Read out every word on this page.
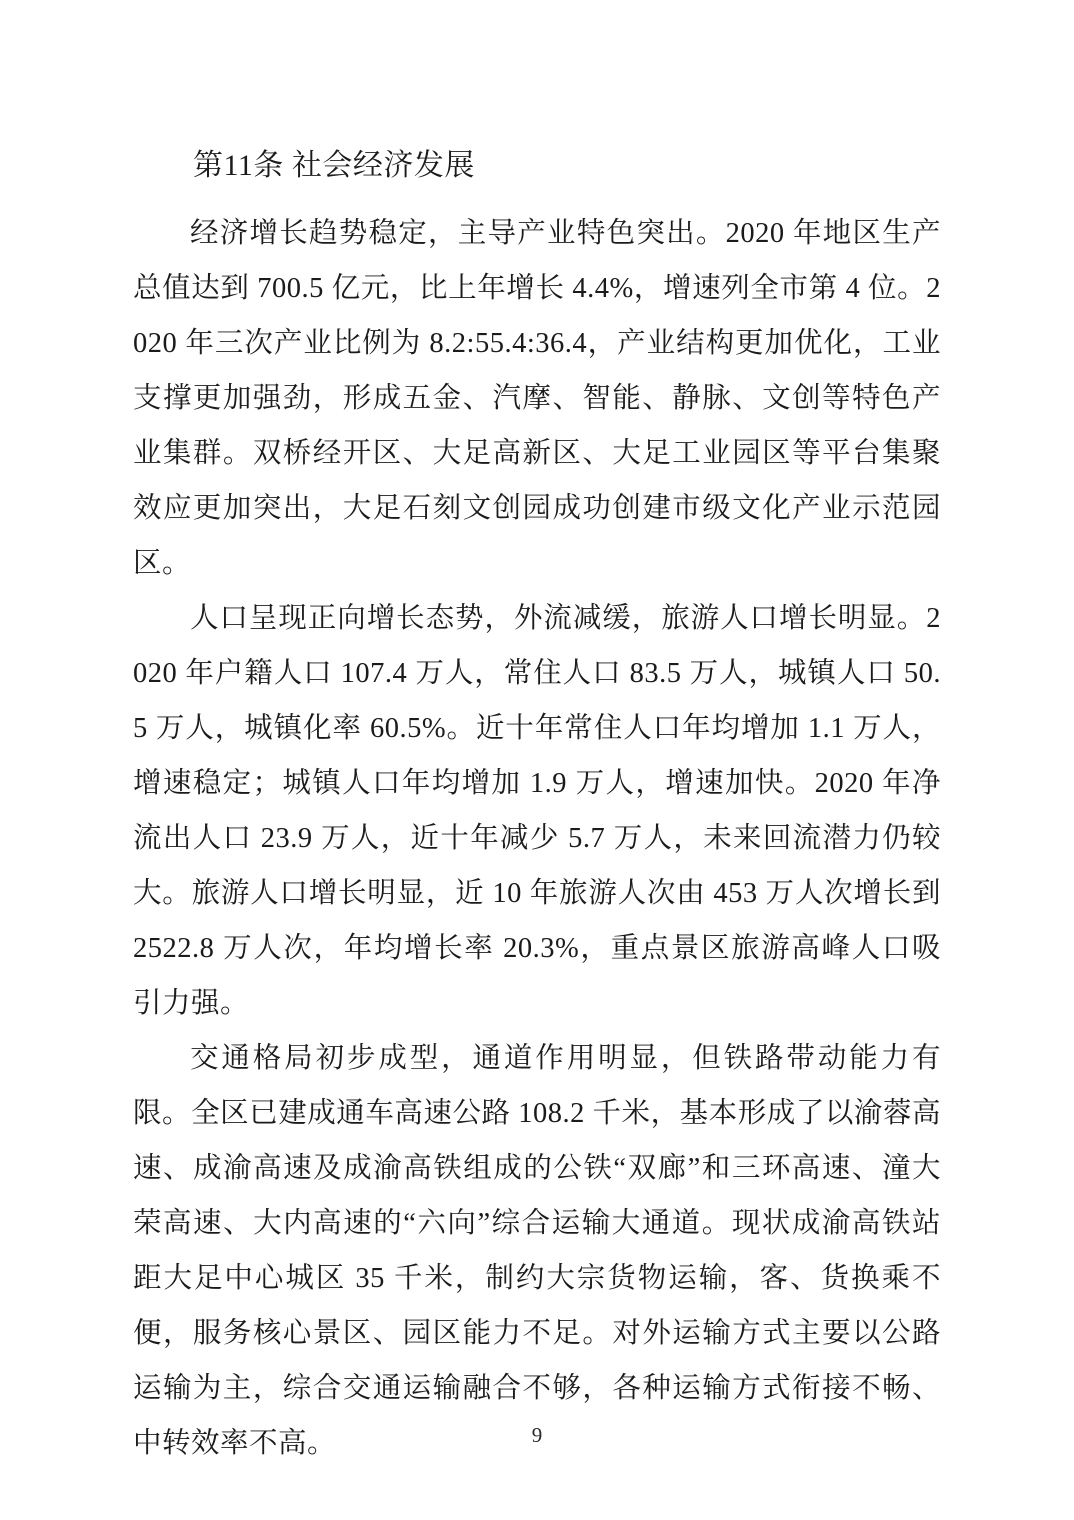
第11条 社会经济发展

经济增长趋势稳定，主导产业特色突出。2020 年地区生产总值达到 700.5 亿元，比上年增长 4.4%，增速列全市第 4 位。2020 年三次产业比例为 8.2:55.4:36.4，产业结构更加优化，工业支撑更加强劲，形成五金、汽摩、智能、静脉、文创等特色产业集群。双桥经开区、大足高新区、大足工业园区等平台集聚效应更加突出，大足石刻文创园成功创建市级文化产业示范园区。

人口呈现正向增长态势，外流减缓，旅游人口增长明显。2020 年户籍人口 107.4 万人，常住人口 83.5 万人，城镇人口 50.5 万人，城镇化率 60.5%。近十年常住人口年均增加 1.1 万人，增速稳定；城镇人口年均增加 1.9 万人，增速加快。2020 年净流出人口 23.9 万人，近十年减少 5.7 万人，未来回流潜力仍较大。旅游人口增长明显，近 10 年旅游人次由 453 万人次增长到 2522.8 万人次，年均增长率 20.3%，重点景区旅游高峰人口吸引力强。

交通格局初步成型，通道作用明显，但铁路带动能力有限。全区已建成通车高速公路 108.2 千米，基本形成了以渝蓉高速、成渝高速及成渝高铁组成的公铁“双廊”和三环高速、潼大荣高速、大内高速的“六向”综合运输大通道。现状成渝高铁站距大足中心城区 35 千米，制约大宗货物运输，客、货换乘不便，服务核心景区、园区能力不足。对外运输方式主要以公路运输为主，综合交通运输融合不够，各种运输方式衔接不畅、中转效率不高。	9
